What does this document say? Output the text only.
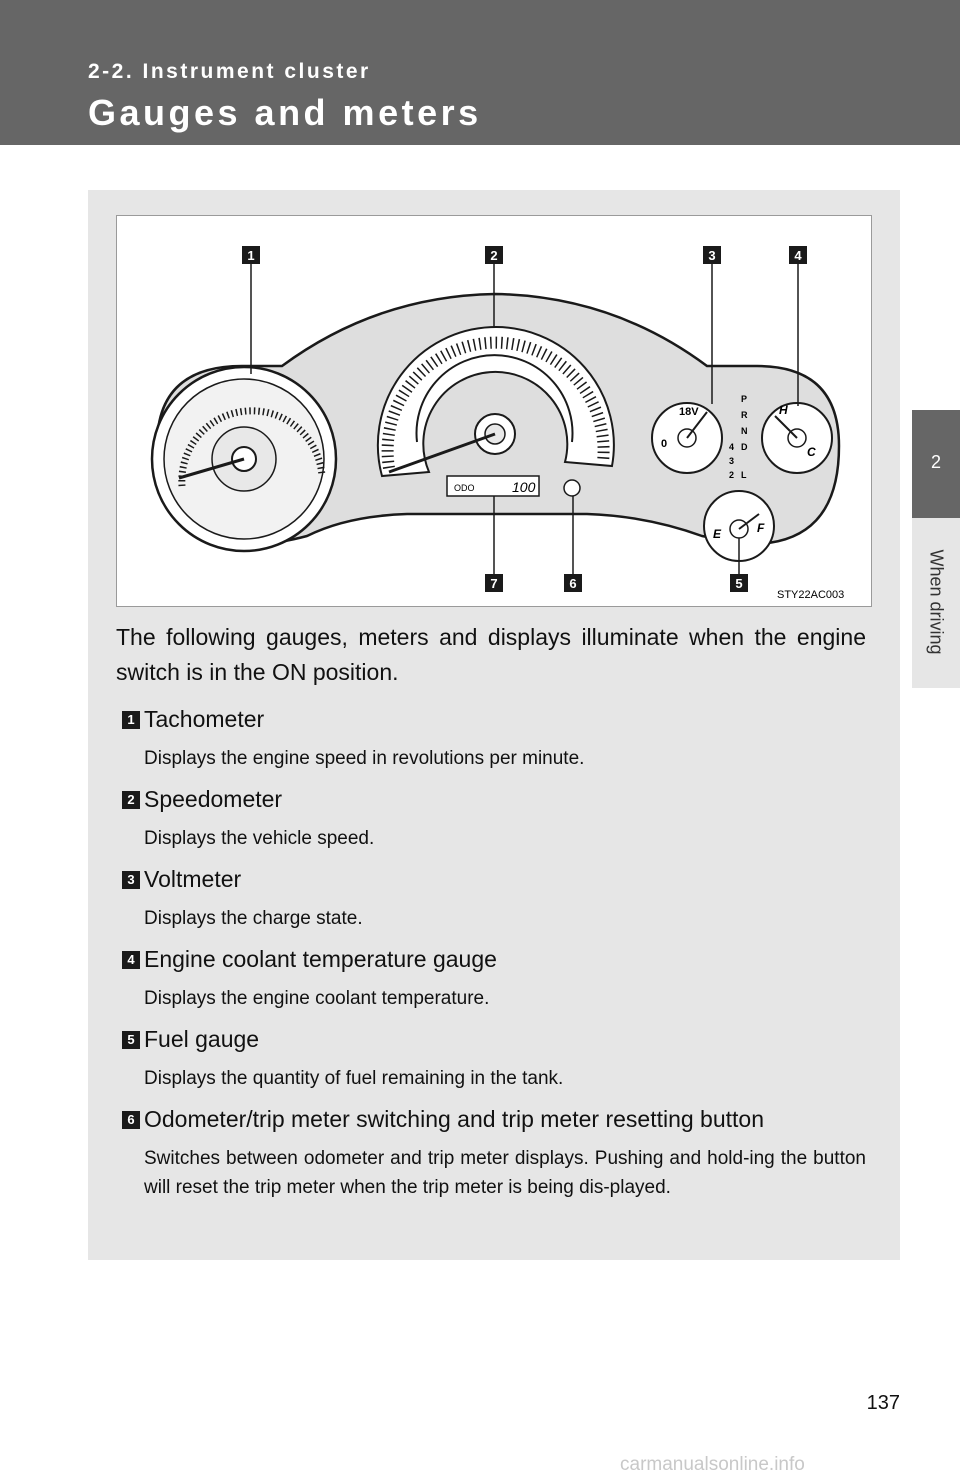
2-2. Instrument cluster
Gauges and meters
2
When driving
ODO	100
18V
0
P
R
N
4 D
3
2 L
H
C
E	F
1	2	3	4
5
6
7
STY22AC003
The following gauges, meters and displays illuminate when the engine switch is in the ON position.
1 Tachometer
Displays the engine speed in revolutions per minute.
2 Speedometer
Displays the vehicle speed.
3 Voltmeter
Displays the charge state.
4 Engine coolant temperature gauge
Displays the engine coolant temperature.
5 Fuel gauge
Displays the quantity of fuel remaining in the tank.
6 Odometer/trip meter switching and trip meter resetting button
Switches between odometer and trip meter displays. Pushing and hold-ing the button will reset the trip meter when the trip meter is being dis-played.
137
carmanualsonline.info
